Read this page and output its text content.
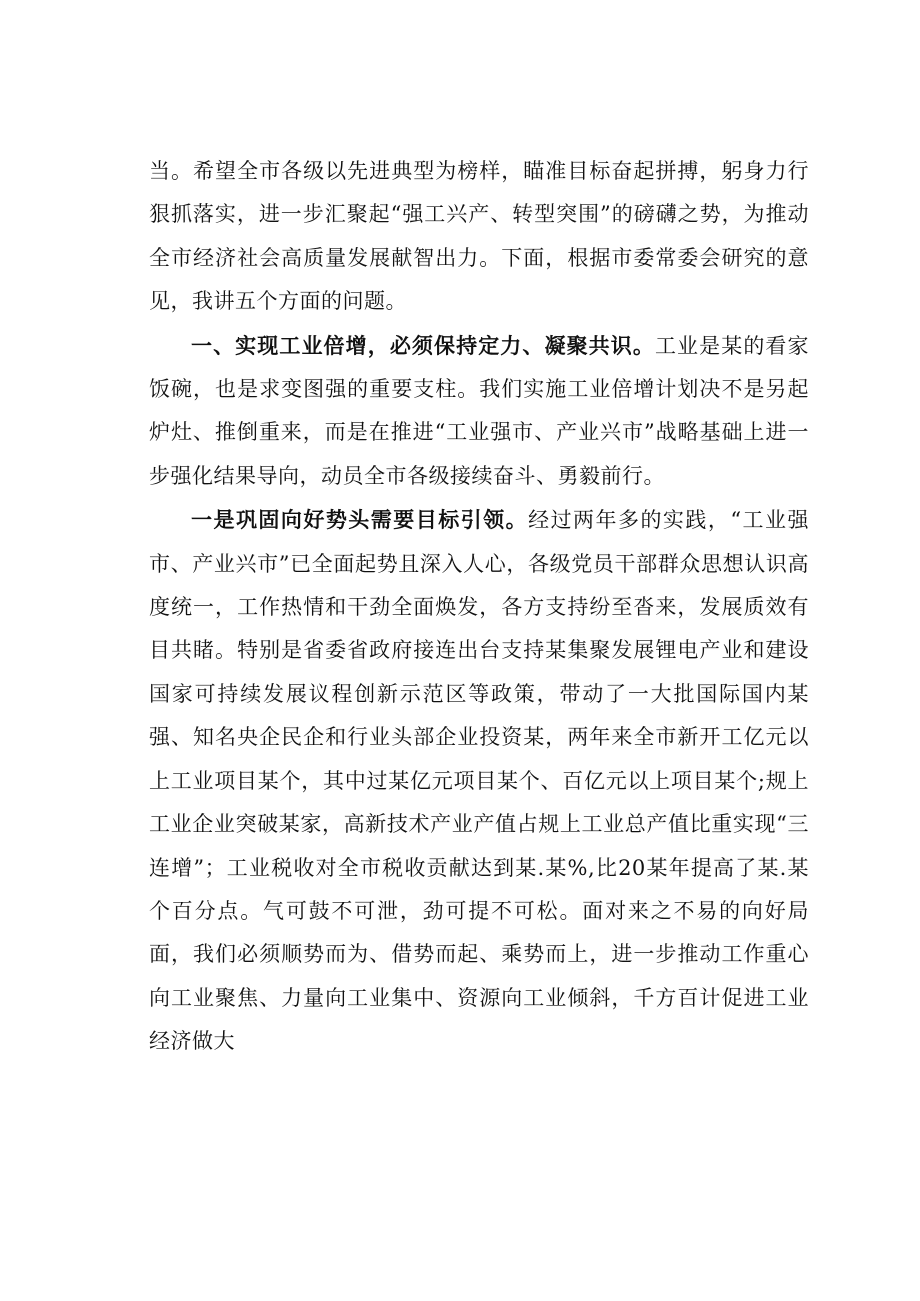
当。希望全市各级以先进典型为榜样，瞄准目标奋起拼搏，躬身力行狠抓落实，进一步汇聚起“强工兴产、转型突围”的磅礴之势，为推动全市经济社会高质量发展献智出力。下面，根据市委常委会研究的意见，我讲五个方面的问题。

一、实现工业倍增，必须保持定力、凝聚共识。工业是某的看家饭碗，也是求变图强的重要支柱。我们实施工业倍增计划决不是另起炉灶、推倒重来，而是在推进“工业强市、产业兴市”战略基础上进一步强化结果导向，动员全市各级接续奋斗、勇毅前行。

一是巩固向好势头需要目标引领。经过两年多的实践，“工业强市、产业兴市”已全面起势且深入人心，各级党员干部群众思想认识高度统一，工作热情和干劲全面焕发，各方支持纷至沓来，发展质效有目共睹。特别是省委省政府接连出台支持某集聚发展锂电产业和建设国家可持续发展议程创新示范区等政策，带动了一大批国际国内某强、知名央企民企和行业头部企业投资某，两年来全市新开工亿元以上工业项目某个，其中过某亿元项目某个、百亿元以上项目某个;规上工业企业突破某家，高新技术产业产值占规上工业总产值比重实现“三连增”；工业税收对全市税收贡献达到某.某%,比20某年提高了某.某个百分点。气可鼓不可泄，劲可提不可松。面对来之不易的向好局面，我们必须顺势而为、借势而起、乘势而上，进一步推动工作重心向工业聚焦、力量向工业集中、资源向工业倾斜，千方百计促进工业经济做大
